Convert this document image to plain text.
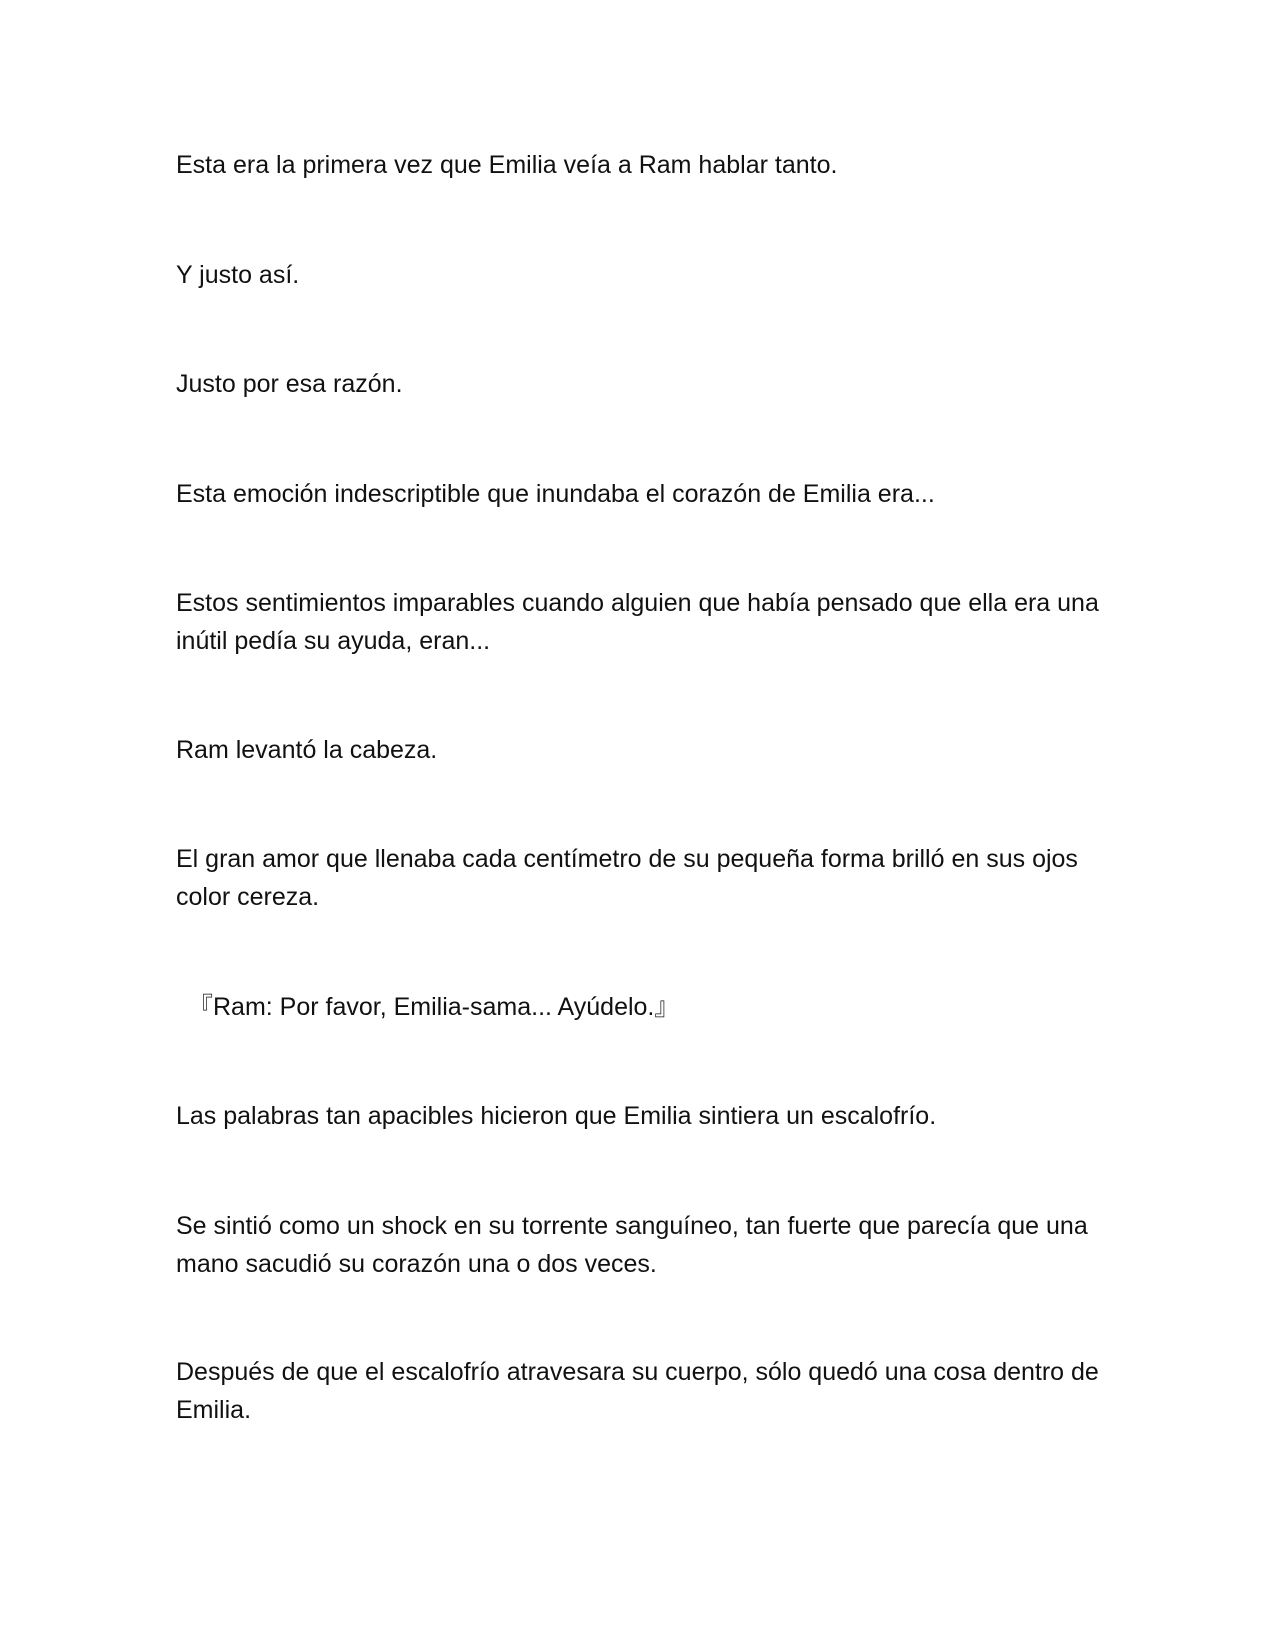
Esta era la primera vez que Emilia veía a Ram hablar tanto.

Y justo así.

Justo por esa razón.

Esta emoción indescriptible que inundaba el corazón de Emilia era...

Estos sentimientos imparables cuando alguien que había pensado que ella era una inútil pedía su ayuda, eran...

Ram levantó la cabeza.

El gran amor que llenaba cada centímetro de su pequeña forma brilló en sus ojos color cereza.

『Ram: Por favor, Emilia-sama... Ayúdelo.』

Las palabras tan apacibles hicieron que Emilia sintiera un escalofrío.

Se sintió como un shock en su torrente sanguíneo, tan fuerte que parecía que una mano sacudió su corazón una o dos veces.

Después de que el escalofrío atravesara su cuerpo, sólo quedó una cosa dentro de Emilia.
